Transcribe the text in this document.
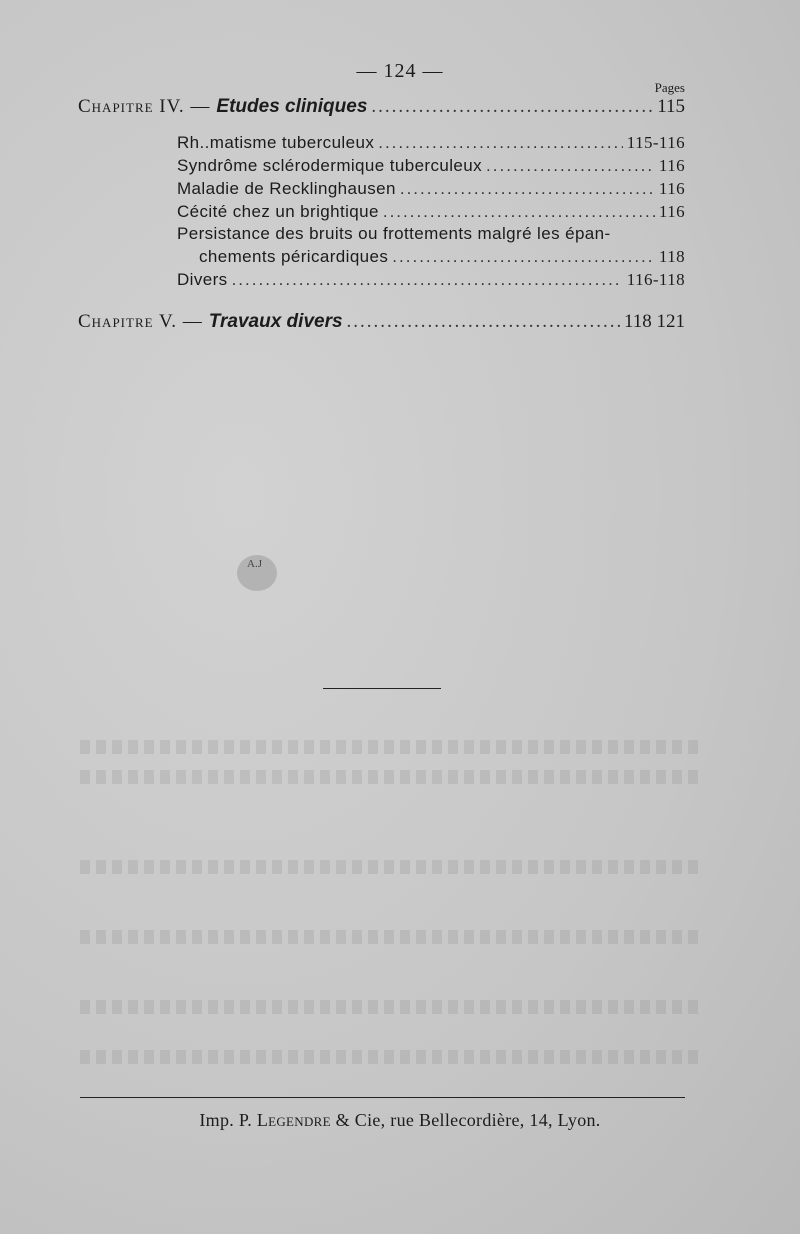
— 124 —
Pages
Chapitre IV. — Etudes cliniques .....	115
Rh..matisme tuberculeux .....	115-116
Syndrôme sclérodermique tuberculeux .....	116
Maladie de Recklinghausen .....	116
Cécité chez un brightique .....	116
Persistance des bruits ou frottements malgré les épan-
chements péricardiques .....	118
Divers .....	116-118
Chapitre V. — Travaux divers .....	118 121
A.J
Imp. P. Legendre & Cie, rue Bellecordière, 14, Lyon.
